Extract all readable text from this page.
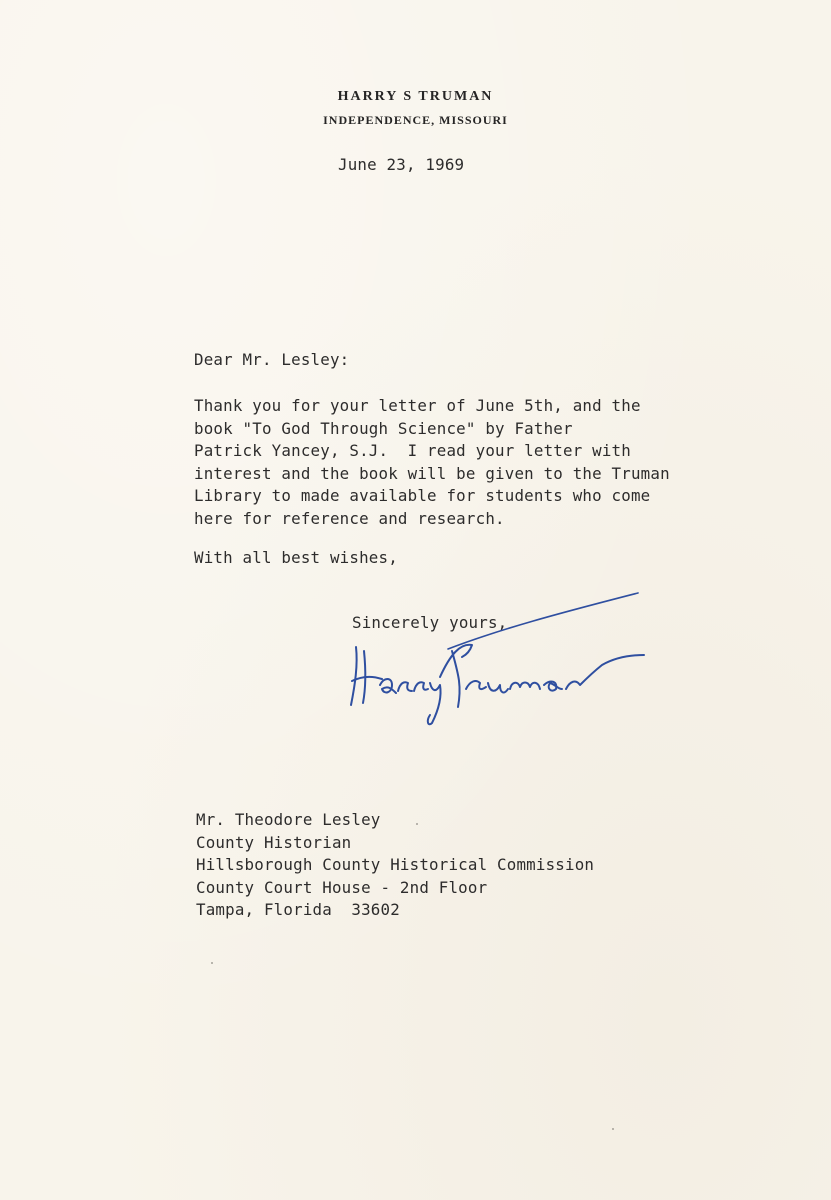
HARRY S TRUMAN
INDEPENDENCE, MISSOURI
June 23, 1969
Dear Mr. Lesley:
Thank you for your letter of June 5th, and the
book "To God Through Science" by Father
Patrick Yancey, S.J.  I read your letter with
interest and the book will be given to the Truman
Library to made available for students who come
here for reference and research.
With all best wishes,
Sincerely yours,
Mr. Theodore Lesley
County Historian
Hillsborough County Historical Commission
County Court House - 2nd Floor
Tampa, Florida  33602
